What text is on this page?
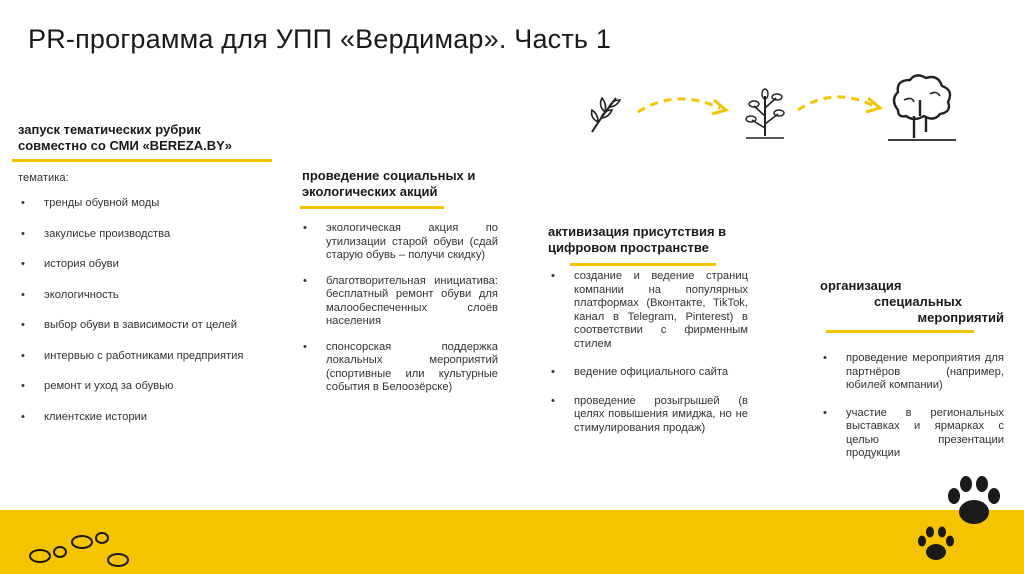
PR-программа для УПП «Вердимар». Часть 1
запуск тематических рубрик совместно со СМИ «BEREZA.BY»
тематика:
• тренды обувной моды
• закулисье производства
• история обуви
• экологичность
• выбор обуви в зависимости от целей
• интервью с работниками предприятия
• ремонт и уход за обувью
• клиентские истории
проведение социальных и экологических акций
• экологическая акция по утилизации старой обуви (сдай старую обувь – получи скидку)
• благотворительная инициатива: бесплатный ремонт обуви для малообеспеченных слоёв населения
• спонсорская поддержка локальных мероприятий (спортивные или культурные события в Белоозёрске)
активизация присутствия в цифровом пространстве
• создание и ведение страниц компании на популярных платформах (Вконтакте, TikTok, канал в Telegram, Pinterest) в соответствии с фирменным стилем
• ведение официального сайта
• проведение розыгрышей (в целях повышения имиджа, но не стимулирования продаж)
организация
специальных
мероприятий
• проведение мероприятия для партнёров (например, юбилей компании)
• участие в региональных выставках и ярмарках с целью презентации продукции
